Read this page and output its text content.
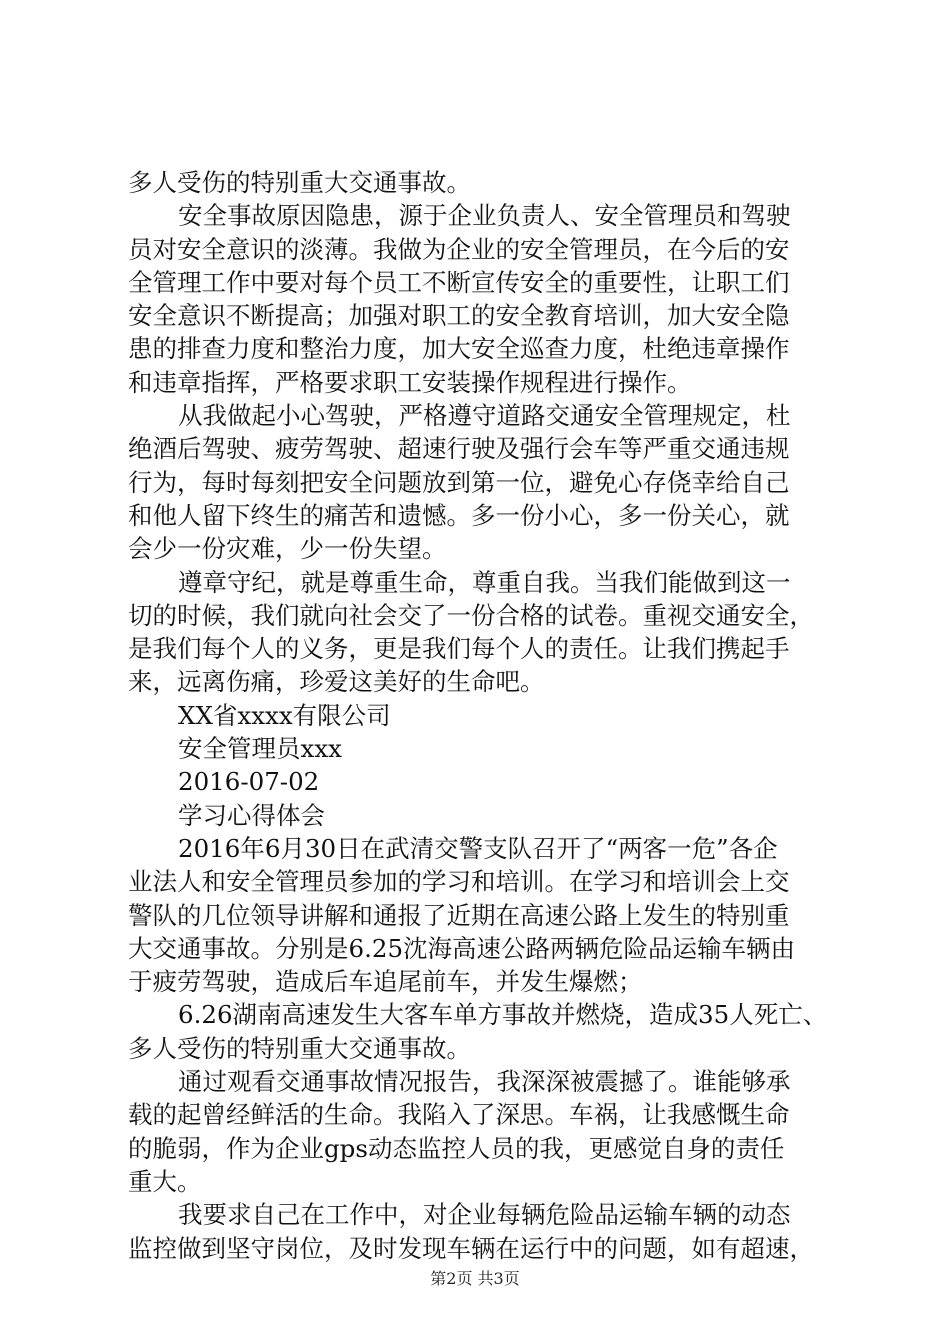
多人受伤的特别重大交通事故。
安全事故原因隐患，源于企业负责人、安全管理员和驾驶
员对安全意识的淡薄。我做为企业的安全管理员，在今后的安
全管理工作中要对每个员工不断宣传安全的重要性，让职工们
安全意识不断提高；加强对职工的安全教育培训，加大安全隐
患的排查力度和整治力度，加大安全巡查力度，杜绝违章操作
和违章指挥，严格要求职工安装操作规程进行操作。
从我做起小心驾驶，严格遵守道路交通安全管理规定，杜
绝酒后驾驶、疲劳驾驶、超速行驶及强行会车等严重交通违规
行为，每时每刻把安全问题放到第一位，避免心存侥幸给自己
和他人留下终生的痛苦和遗憾。多一份小心，多一份关心，就
会少一份灾难，少一份失望。
遵章守纪，就是尊重生命，尊重自我。当我们能做到这一
切的时候，我们就向社会交了一份合格的试卷。重视交通安全，
是我们每个人的义务，更是我们每个人的责任。让我们携起手
来，远离伤痛，珍爱这美好的生命吧。
XX省xxxx有限公司
安全管理员xxx
2016-07-02
学习心得体会
2016年6月30日在武清交警支队召开了“两客一危”各企
业法人和安全管理员参加的学习和培训。在学习和培训会上交
警队的几位领导讲解和通报了近期在高速公路上发生的特别重
大交通事故。分别是6.25沈海高速公路两辆危险品运输车辆由
于疲劳驾驶，造成后车追尾前车，并发生爆燃；
6.26湖南高速发生大客车单方事故并燃烧，造成35人死亡、
多人受伤的特别重大交通事故。
通过观看交通事故情况报告，我深深被震撼了。谁能够承
载的起曾经鲜活的生命。我陷入了深思。车祸，让我感慨生命
的脆弱，作为企业gps动态监控人员的我，更感觉自身的责任
重大。
我要求自己在工作中，对企业每辆危险品运输车辆的动态
监控做到坚守岗位，及时发现车辆在运行中的问题，如有超速，
第2页 共3页
